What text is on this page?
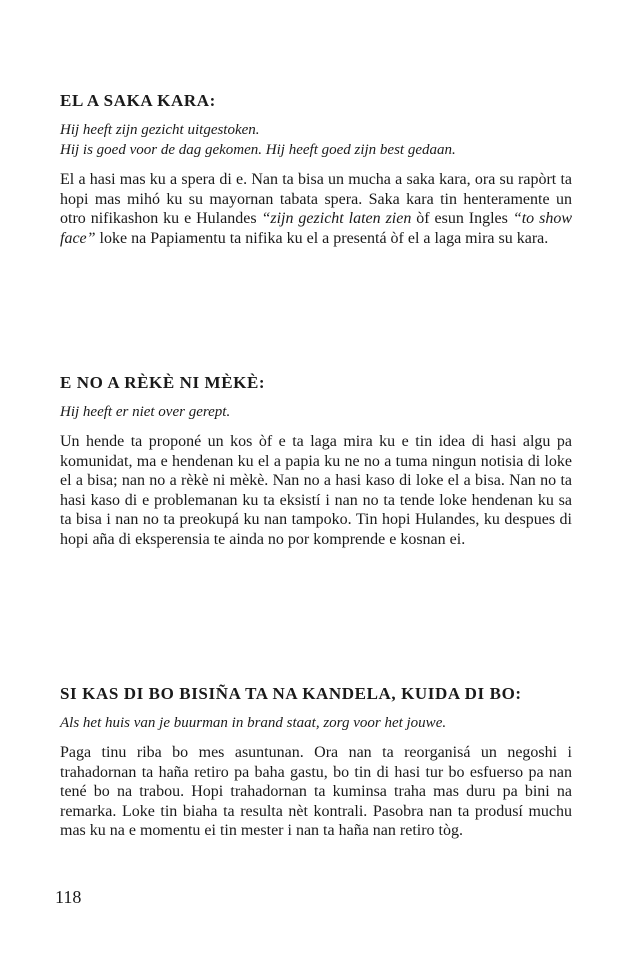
EL A SAKA KARA:

Hij heeft zijn gezicht uitgestoken.

Hij is goed voor de dag gekomen. Hij heeft goed zijn best gedaan.

El a hasi mas ku a spera di e. Nan ta bisa un mucha a saka kara, ora su rapòrt ta hopi mas mihó ku su mayornan tabata spera. Saka kara tin henteramente un otro nifikashon ku e Hulandes “zijn gezicht laten zien òf esun Ingles “to show face” loke na Papiamentu ta nifika ku el a presentá òf el a laga mira su kara.

E NO A RÈKÈ NI MÈKÈ:

Hij heeft er niet over gerept.

Un hende ta proponé un kos òf e ta laga mira ku e tin idea di hasi algu pa komunidat, ma e hendenan ku el a papia ku ne no a tuma ningun notisia di loke el a bisa; nan no a rèkè ni mèkè. Nan no a hasi kaso di loke el a bisa. Nan no ta hasi kaso di e problemanan ku ta eksistí i nan no ta tende loke hendenan ku sa ta bisa i nan no ta preokupá ku nan tampoko. Tin hopi Hulandes, ku despues di hopi aña di eksperensia te ainda no por komprende e kosnan ei.

SI KAS DI BO BISIÑA TA NA KANDELA, KUIDA DI BO:

Als het huis van je buurman in brand staat, zorg voor het jouwe.

Paga tinu riba bo mes asuntunan. Ora nan ta reorganisá un negoshi i trahadornan ta haña retiro pa baha gastu, bo tin di hasi tur bo esfuerso pa nan tené bo na trabou. Hopi trahadornan ta kuminsa traha mas duru pa bini na remarka. Loke tin biaha ta resulta nèt kontrali. Pasobra nan ta produsí muchu mas ku na e momentu ei tin mester i nan ta haña nan retiro tòg.

118
